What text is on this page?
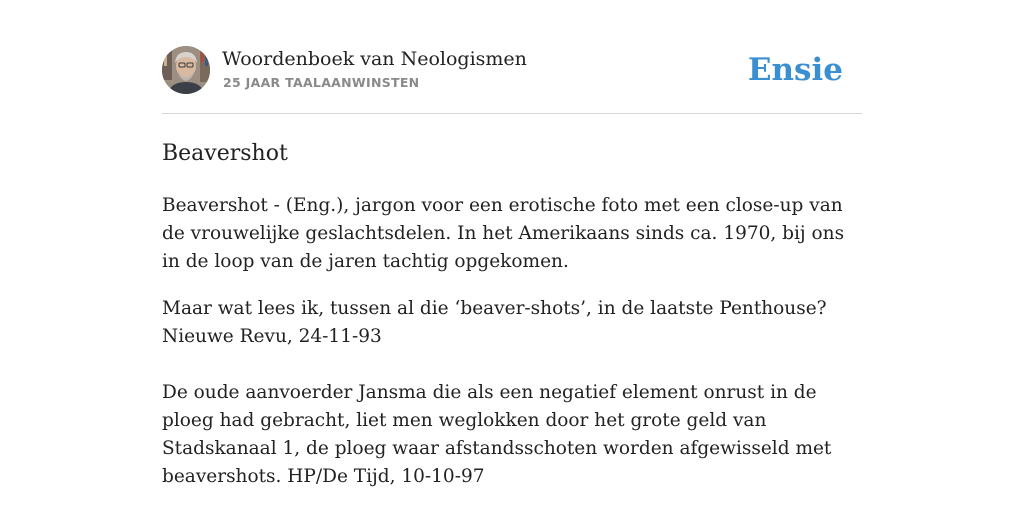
Woordenboek van Neologismen
25 JAAR TAALAANWINSTEN	Ensie
Beavershot

Beavershot - (Eng.), jargon voor een erotische foto met een close-up van de vrouwelijke geslachtsdelen. In het Amerikaans sinds ca. 1970, bij ons in de loop van de jaren tachtig opgekomen.

Maar wat lees ik, tussen al die ‘beaver-shots’, in de laatste Penthouse? Nieuwe Revu, 24-11-93

De oude aanvoerder Jansma die als een negatief element onrust in de ploeg had gebracht, liet men weglokken door het grote geld van Stadskanaal 1, de ploeg waar afstandsschoten worden afgewisseld met beavershots. HP/De Tijd, 10-10-97
